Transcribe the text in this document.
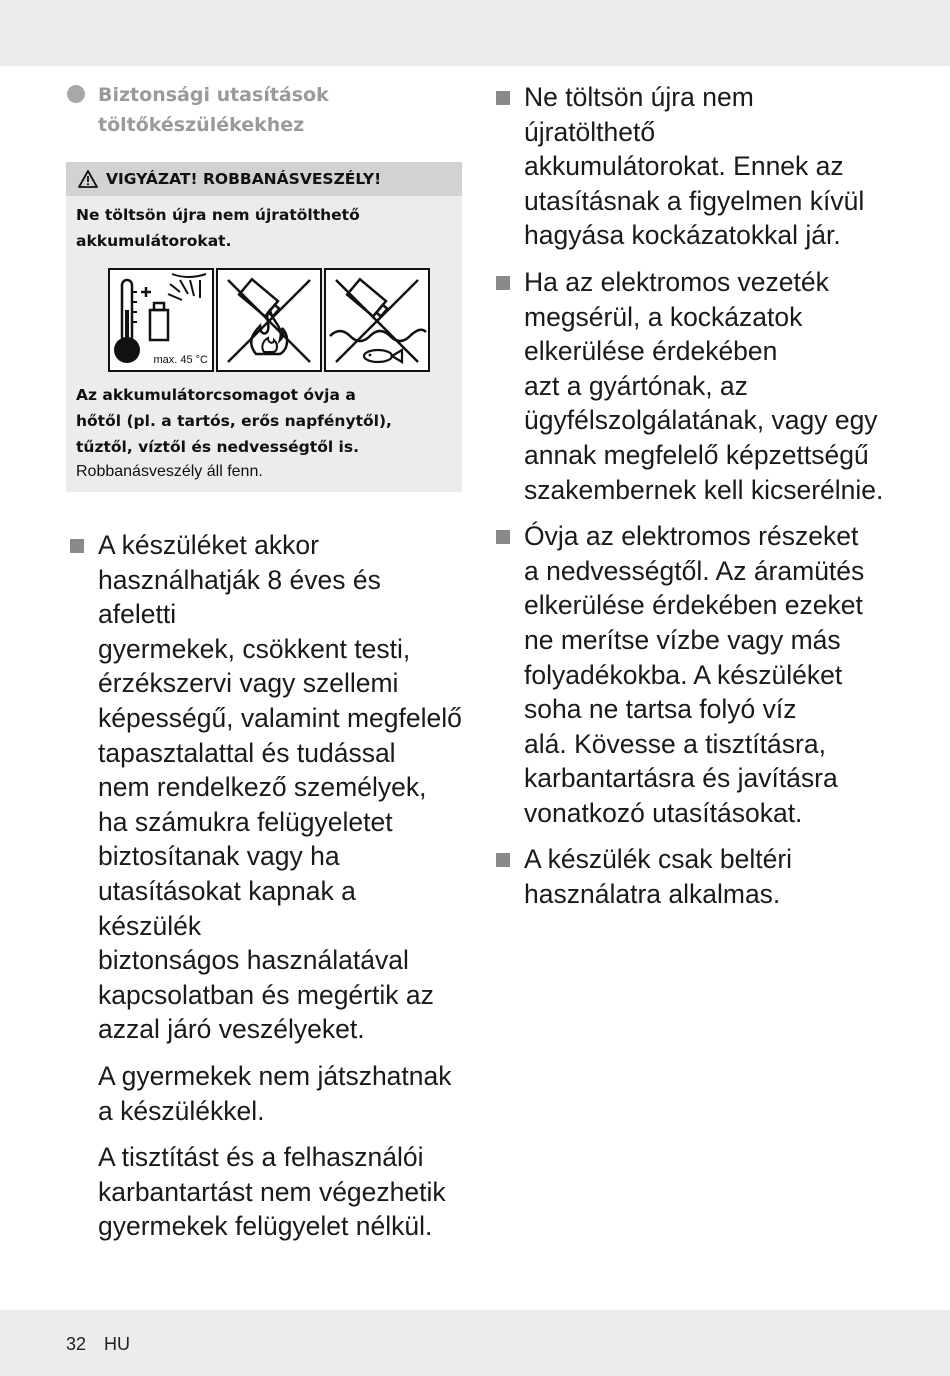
Biztonsági utasítások
töltőkészülékekhez
VIGYÁZAT! ROBBANÁSVESZÉLY!
Ne töltsön újra nem újratölthető
akkumulátorokat.
max. 45 °C
Az akkumulátorcsomagot óvja a
hőtől (pl. a tartós, erős napfénytől),
tűztől, víztől és nedvességtől is.
Robbanásveszély áll fenn.
A készüléket akkor
használhatják 8 éves és afeletti
gyermekek, csökkent testi,
érzékszervi vagy szellemi
képességű, valamint megfelelő
tapasztalattal és tudással
nem rendelkező személyek,
ha számukra felügyeletet
biztosítanak vagy ha
utasításokat kapnak a készülék
biztonságos használatával
kapcsolatban és megértik az
azzal járó veszélyeket.
A gyermekek nem játszhatnak
a készülékkel.
A tisztítást és a felhasználói
karbantartást nem végezhetik
gyermekek felügyelet nélkül.
Ne töltsön újra nem újratölthető
akkumulátorokat. Ennek az
utasításnak a figyelmen kívül
hagyása kockázatokkal jár.
Ha az elektromos vezeték
megsérül, a kockázatok
elkerülése érdekében
azt a gyártónak, az
ügyfélszolgálatának, vagy egy
annak megfelelő képzettségű
szakembernek kell kicserélnie.
Óvja az elektromos részeket
a nedvességtől. Az áramütés
elkerülése érdekében ezeket
ne merítse vízbe vagy más
folyadékokba. A készüléket
soha ne tartsa folyó víz
alá. Kövesse a tisztításra,
karbantartásra és javításra
vonatkozó utasításokat.
A készülék csak beltéri
használatra alkalmas.
32 HU
